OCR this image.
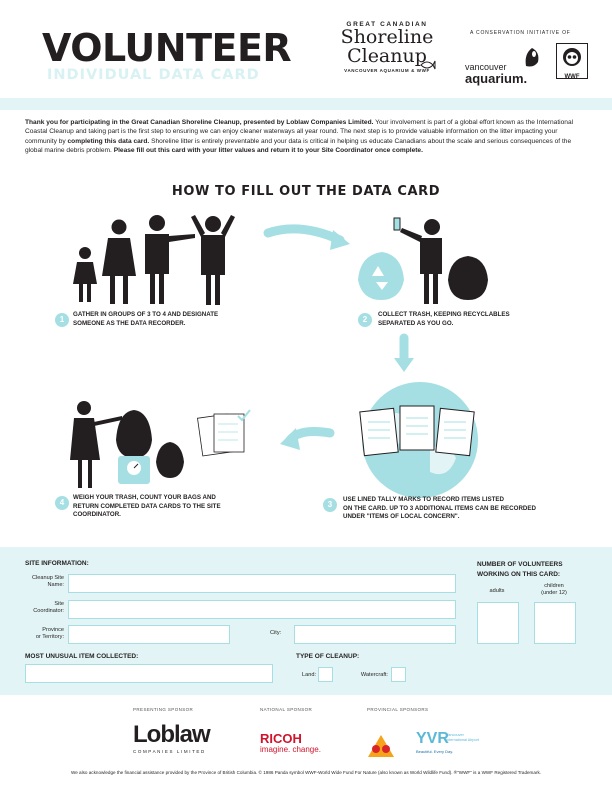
VOLUNTEER
INDIVIDUAL DATA CARD
GREAT CANADIAN
Shoreline
Cleanup
VANCOUVER AQUARIUM & WWF
A CONSERVATION INITIATIVE OF
vancouver
aquarium.	WWF
Thank you for participating in the Great Canadian Shoreline Cleanup, presented by Loblaw Companies Limited. Your involvement is part of a global effort known as the International Coastal Cleanup and taking part is the first step to ensuring we can enjoy cleaner waterways all year round. The next step is to provide valuable information on the litter impacting your community by completing this data card. Shoreline litter is entirely preventable and your data is critical in helping us educate Canadians about the scale and serious consequences of the global marine debris problem. Please fill out this card with your litter values and return it to your Site Coordinator once complete.
HOW TO FILL OUT THE DATA CARD
1
GATHER IN GROUPS OF 3 TO 4 AND DESIGNATE
SOMEONE AS THE DATA RECORDER.	2
COLLECT TRASH, KEEPING RECYCLABLES
SEPARATED AS YOU GO.
3
USE LINED TALLY MARKS TO RECORD ITEMS LISTED
ON THE CARD. UP TO 3 ADDITIONAL ITEMS CAN BE RECORDED
UNDER "ITEMS OF LOCAL CONCERN".
4
WEIGH YOUR TRASH, COUNT YOUR BAGS AND
RETURN COMPLETED DATA CARDS TO THE SITE
COORDINATOR.
SITE INFORMATION:
Cleanup Site
Name:
Site
Coordinator:
Province
or Territory:
City:
MOST UNUSUAL ITEM COLLECTED:	TYPE OF CLEANUP:
Land:	Watercraft:
NUMBER OF VOLUNTEERS
WORKING ON THIS CARD:
adults
children
(under 12)
PRESENTING SPONSOR	NATIONAL SPONSOR	PROVINCIAL SPONSORS
Loblaw
COMPANIES LIMITED
RICOH
imagine. change.
YVR
Vancouver International Airport
Beautiful. Every Day.
We also acknowledge the financial assistance provided by the Province of British Columbia. © 1986 Panda symbol WWF-World Wide Fund For Nature (also known as World Wildlife Fund). ®"WWF" is a WWF Registered Trademark.
